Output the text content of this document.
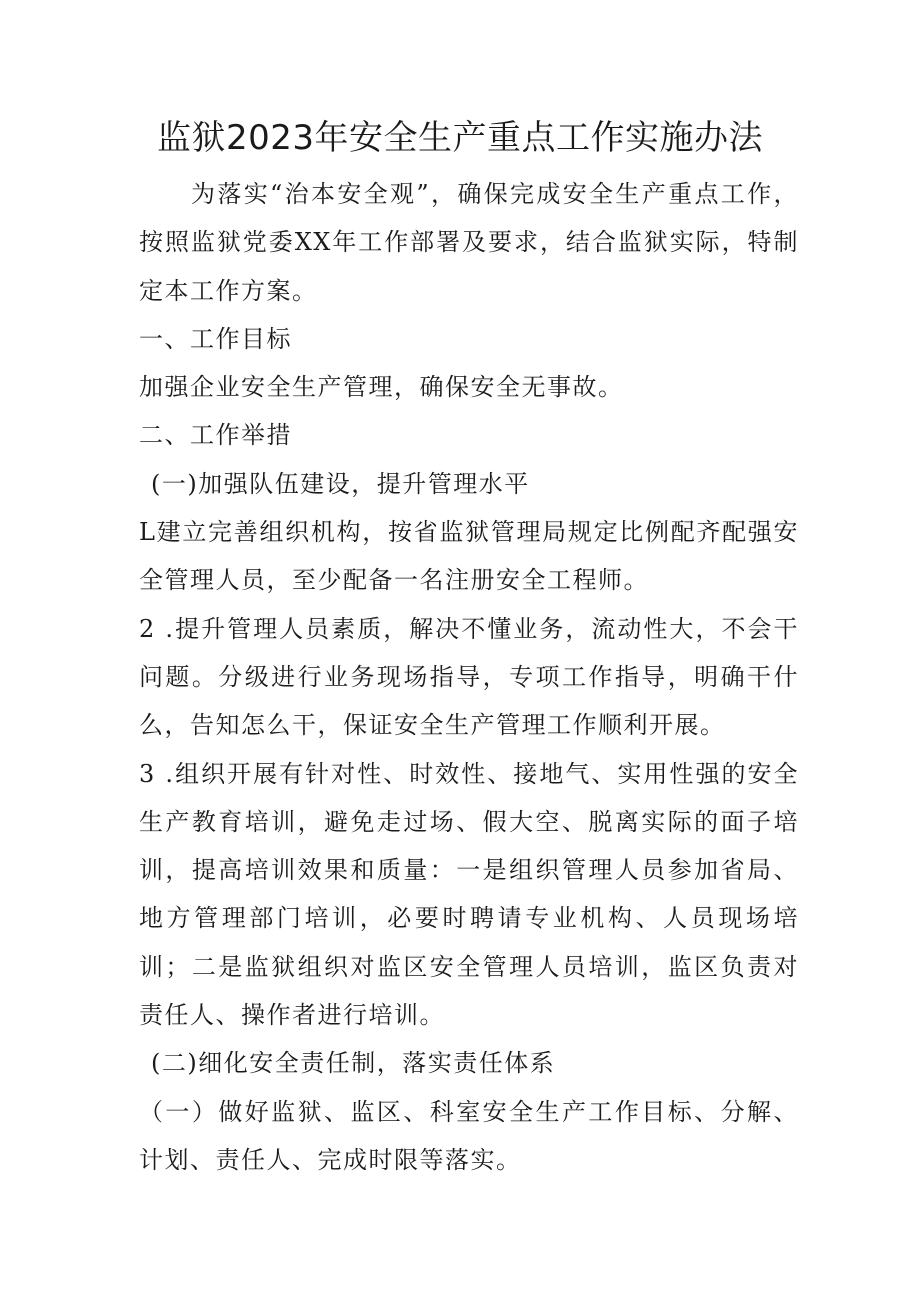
监狱2023年安全生产重点工作实施办法

为落实“治本安全观”，确保完成安全生产重点工作，按照监狱党委XX年工作部署及要求，结合监狱实际，特制定本工作方案。

一、工作目标

加强企业安全生产管理，确保安全无事故。

二、工作举措

(一)加强队伍建设，提升管理水平

L建立完善组织机构，按省监狱管理局规定比例配齐配强安全管理人员，至少配备一名注册安全工程师。

2 .提升管理人员素质，解决不懂业务，流动性大，不会干问题。分级进行业务现场指导，专项工作指导，明确干什么，告知怎么干，保证安全生产管理工作顺利开展。

3 .组织开展有针对性、时效性、接地气、实用性强的安全生产教育培训，避免走过场、假大空、脱离实际的面子培训，提高培训效果和质量：一是组织管理人员参加省局、地方管理部门培训，必要时聘请专业机构、人员现场培训；二是监狱组织对监区安全管理人员培训，监区负责对责任人、操作者进行培训。

(二)细化安全责任制，落实责任体系

（一）做好监狱、监区、科室安全生产工作目标、分解、计划、责任人、完成时限等落实。
